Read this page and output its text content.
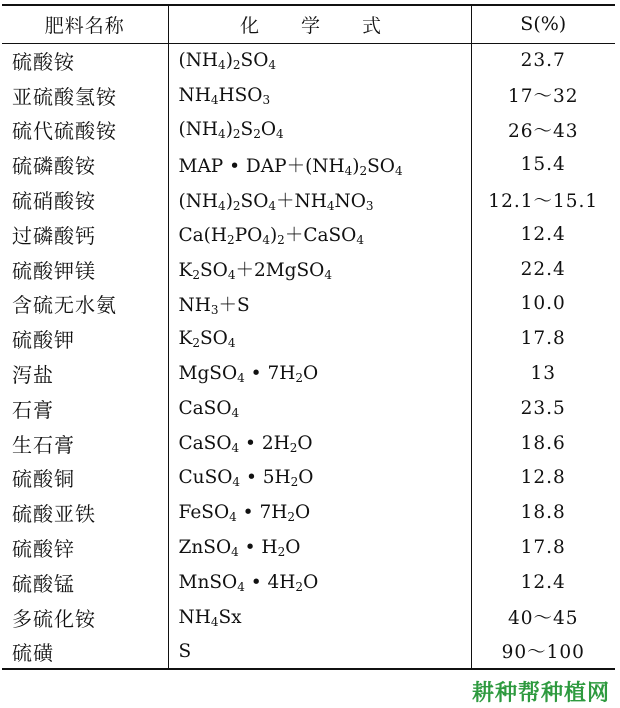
肥料名称	化 学 式	S(%)
硫酸铵	$(NH_4)_2SO_4$	23.7
亚硫酸氢铵	$NH_4HSO_3$	17～32
硫代硫酸铵	$(NH_4)_2S_2O_4$	26～43
硫磷酸铵	MAP • $DAP+(NH_4)_2SO_4$	15.4
硫硝酸铵	$(NH_4)_2SO_4+NH_4NO_3$	12.1～15.1
过磷酸钙	$Ca(H_2PO_4)_2+CaSO_4$	12.4
硫酸钾镁	$K_2SO_4+2MgSO_4$	22.4
含硫无水氨	$NH_3+S$	10.0
硫酸钾	$K_2SO_4$	17.8
泻盐	MgSO$_4$ • $7H_2O$	13
石膏	CaSO$_4$	23.5
生石膏	CaSO$_4$ • $2H_2O$	18.6
硫酸铜	CuSO$_4$ • $5H_2O$	12.8
硫酸亚铁	FeSO$_4$ • $7H_2O$	18.8
硫酸锌	ZnSO$_4$ • $H_2O$	17.8
硫酸锰	MnSO$_4$ • $4H_2O$	12.4
多硫化铵	$NH_4Sx$	40～45
硫磺	S	90～100
耕种帮种植网
